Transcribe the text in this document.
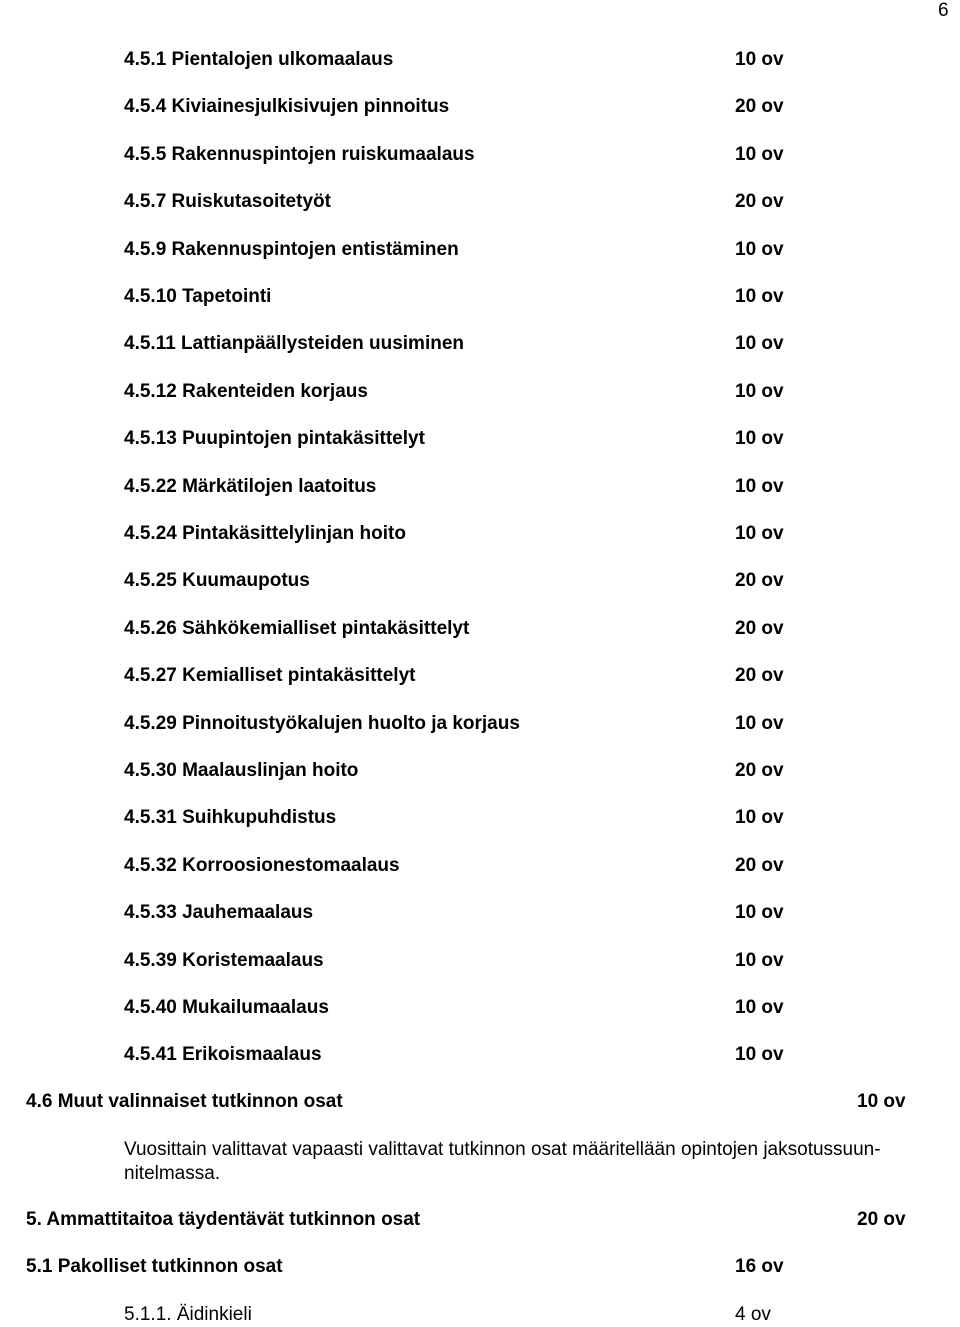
6
4.5.1 Pientalojen ulkomaalaus	10 ov
4.5.4 Kiviainesjulkisivujen pinnoitus	20 ov
4.5.5 Rakennuspintojen ruiskumaalaus	10 ov
4.5.7 Ruiskutasoitetyöt	20 ov
4.5.9 Rakennuspintojen entistäminen	10 ov
4.5.10 Tapetointi	10 ov
4.5.11 Lattianpäällysteiden uusiminen	10 ov
4.5.12 Rakenteiden korjaus	10 ov
4.5.13 Puupintojen pintakäsittelyt	10 ov
4.5.22 Märkätilojen laatoitus	10 ov
4.5.24 Pintakäsittelylinjan hoito	10 ov
4.5.25 Kuumaupotus	20 ov
4.5.26 Sähkökemialliset pintakäsittelyt	20 ov
4.5.27 Kemialliset pintakäsittelyt	20 ov
4.5.29 Pinnoitustyökalujen huolto ja korjaus	10 ov
4.5.30 Maalauslinjan hoito	20 ov
4.5.31 Suihkupuhdistus	10 ov
4.5.32 Korroosionestomaalaus	20 ov
4.5.33 Jauhemaalaus	10 ov
4.5.39 Koristemaalaus	10 ov
4.5.40 Mukailumaalaus	10 ov
4.5.41 Erikoismaalaus	10 ov
4.6 Muut valinnaiset tutkinnon osat	10 ov
Vuosittain valittavat vapaasti valittavat tutkinnon osat määritellään opintojen jaksotussuun-
nitelmassa.
5. Ammattitaitoa täydentävät tutkinnon osat	20 ov
5.1 Pakolliset tutkinnon osat	16 ov
5.1.1. Äidinkieli	4 ov
